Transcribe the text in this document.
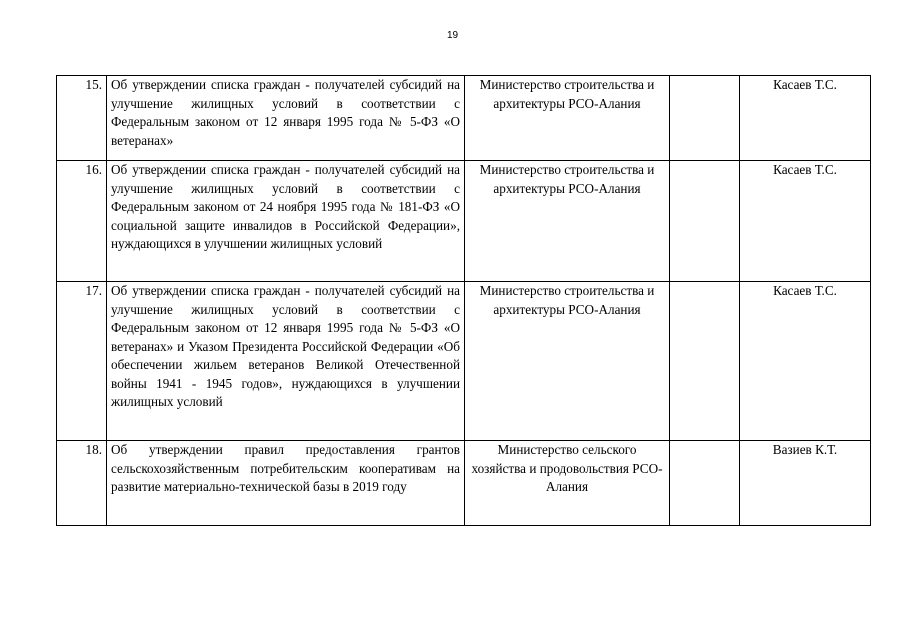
19
15.	Об утверждении списка граждан - получателей субсидий на улучшение жилищных условий в соответствии с Федеральным законом от 12 января 1995 года № 5-ФЗ «О ветеранах»	Министерство строительства и архитектуры РСО-Алания		Касаев Т.С.
16.	Об утверждении списка граждан - получателей субсидий на улучшение жилищных условий в соответствии с Федеральным законом от 24 ноября 1995 года № 181-ФЗ «О социальной защите инвалидов в Российской Федерации», нуждающихся в улучшении жилищных условий	Министерство строительства и архитектуры РСО-Алания		Касаев Т.С.
17.	Об утверждении списка граждан - получателей субсидий на улучшение жилищных условий в соответствии с Федеральным законом от 12 января 1995 года № 5-ФЗ «О ветеранах» и Указом Президента Российской Федерации «Об обеспечении жильем ветеранов Великой Отечественной войны 1941 - 1945 годов», нуждающихся в улучшении жилищных условий	Министерство строительства и архитектуры РСО-Алания		Касаев Т.С.
18.	Об утверждении правил предоставления грантов сельскохозяйственным потребительским кооперативам на развитие материально-технической базы в 2019 году	Министерство сельского хозяйства и продовольствия РСО-Алания		Вазиев К.Т.
